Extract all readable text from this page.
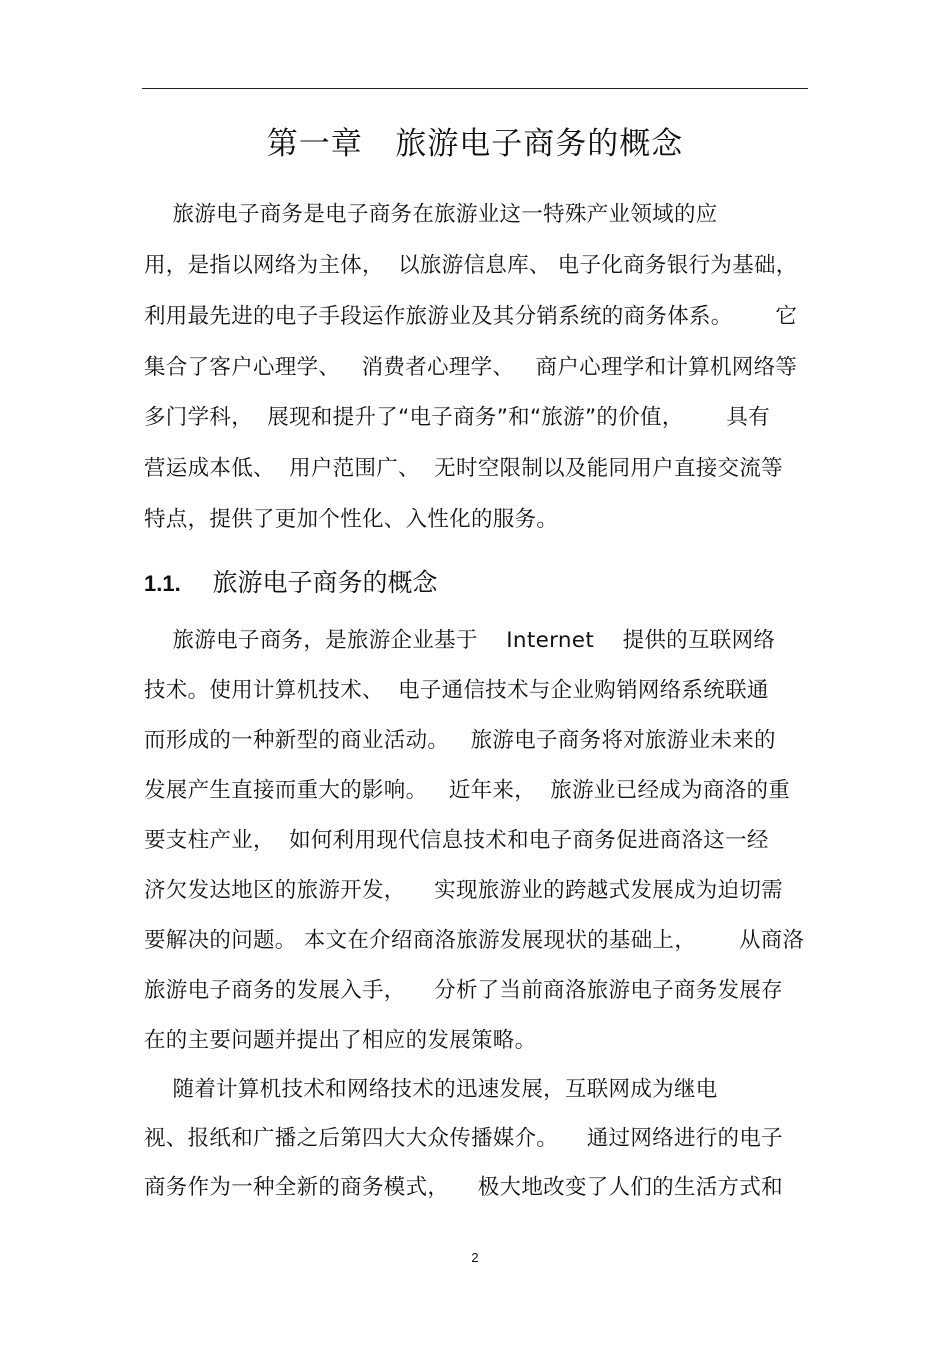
第一章   旅游电子商务的概念
旅游电子商务是电子商务在旅游业这一特殊产业领域的应
用，是指以网络为主体，  以旅游信息库、 电子化商务银行为基础，
利用最先进的电子手段运作旅游业及其分销系统的商务体系。      它
集合了客户心理学、   消费者心理学、   商户心理学和计算机网络等
多门学科，  展现和提升了“电子商务”和“旅游”的价值，      具有
营运成本低、  用户范围广、  无时空限制以及能同用户直接交流等
特点，提供了更加个性化、入性化的服务。
1.1. 旅游电子商务的概念
旅游电子商务，是旅游企业基于    Internet    提供的互联网络
技术。使用计算机技术、  电子通信技术与企业购销网络系统联通
而形成的一种新型的商业活动。   旅游电子商务将对旅游业未来的
发展产生直接而重大的影响。   近年来，  旅游业已经成为商洛的重
要支柱产业，  如何利用现代信息技术和电子商务促进商洛这一经
济欠发达地区的旅游开发，    实现旅游业的跨越式发展成为迫切需
要解决的问题。 本文在介绍商洛旅游发展现状的基础上，      从商洛
旅游电子商务的发展入手，    分析了当前商洛旅游电子商务发展存
在的主要问题并提出了相应的发展策略。
随着计算机技术和网络技术的迅速发展，互联网成为继电
视、报纸和广播之后第四大大众传播媒介。    通过网络进行的电子
商务作为一种全新的商务模式，    极大地改变了人们的生活方式和
2
